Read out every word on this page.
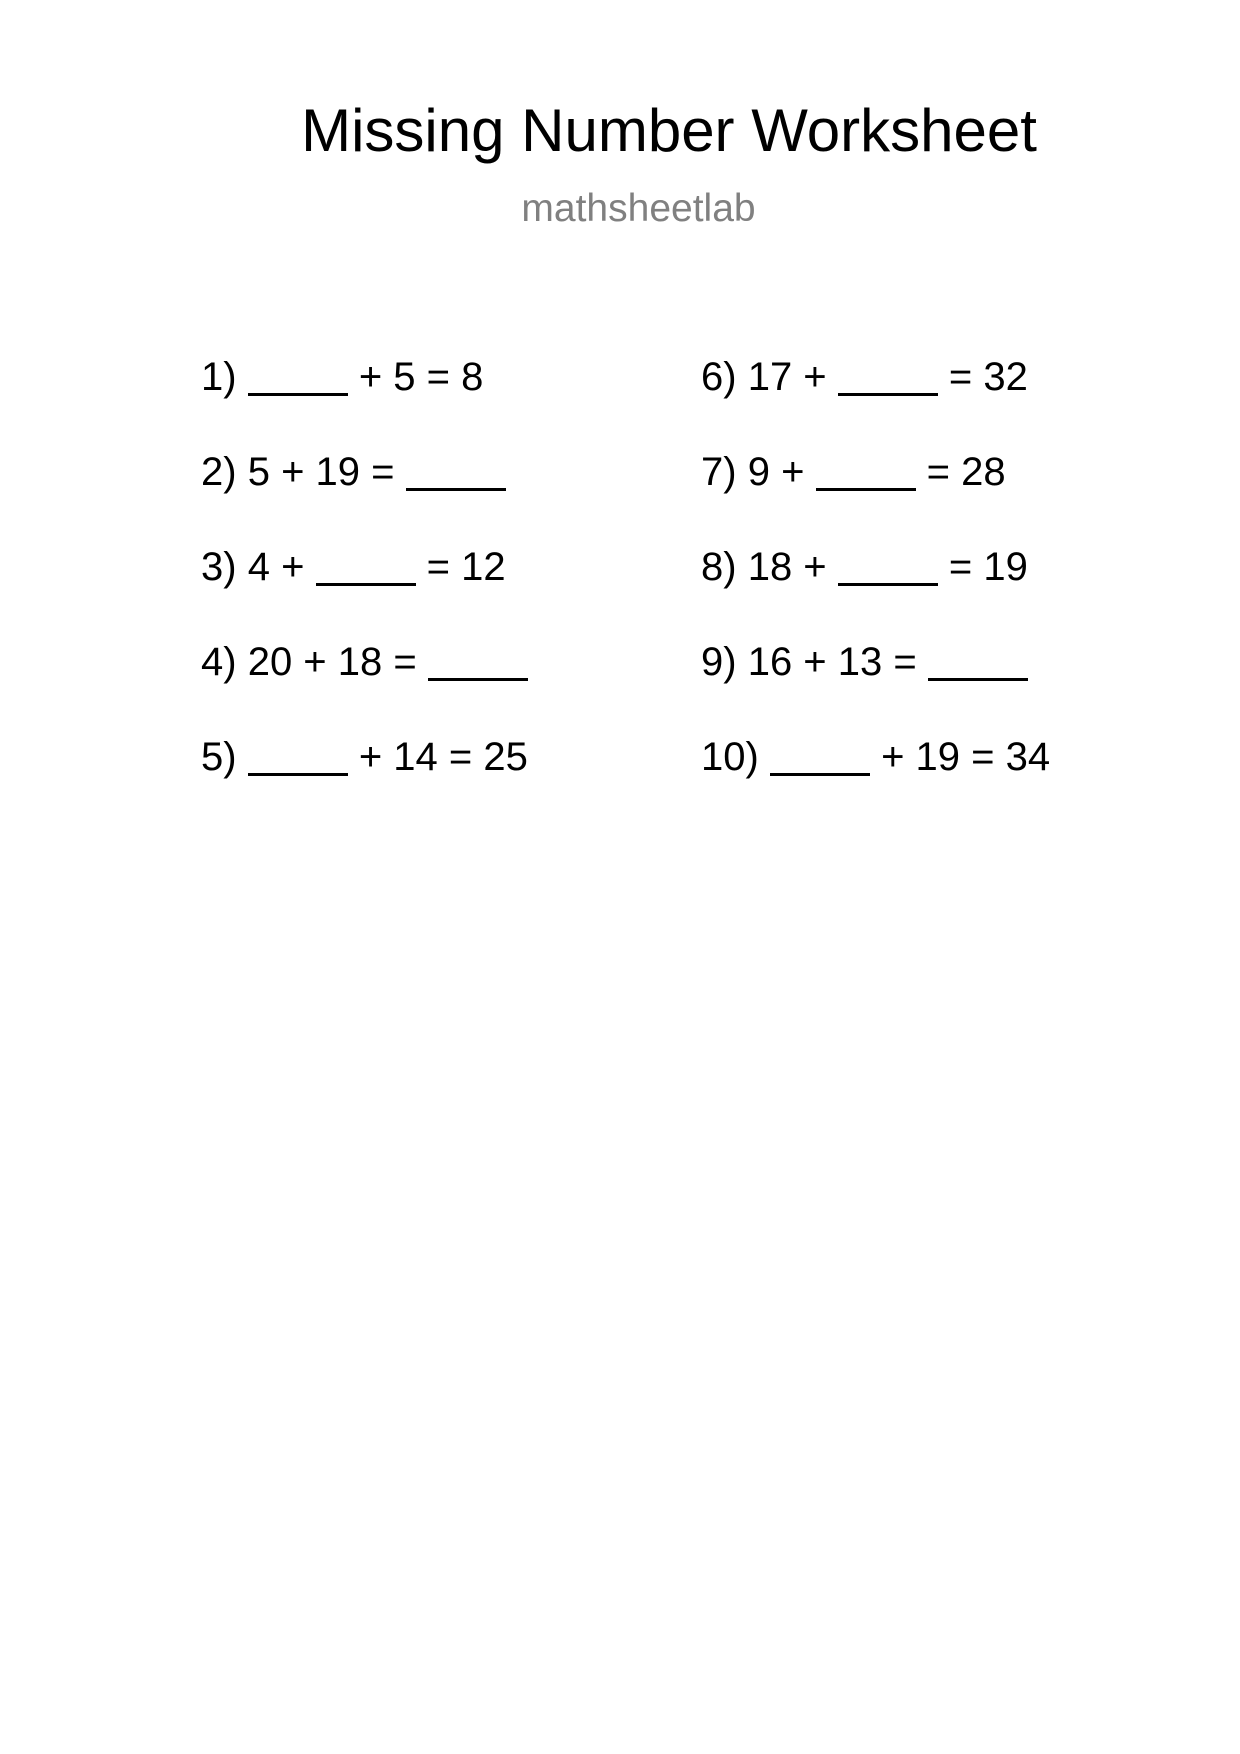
Missing Number Worksheet
mathsheetlab
1)	+ 5 = 8
2) 5 + 19 =
3) 4 +	= 12
4) 20 + 18 =
5)	+ 14 = 25
6) 17 +	= 32
7) 9 +	= 28
8) 18 +	= 19
9) 16 + 13 =
10)	+ 19 = 34
